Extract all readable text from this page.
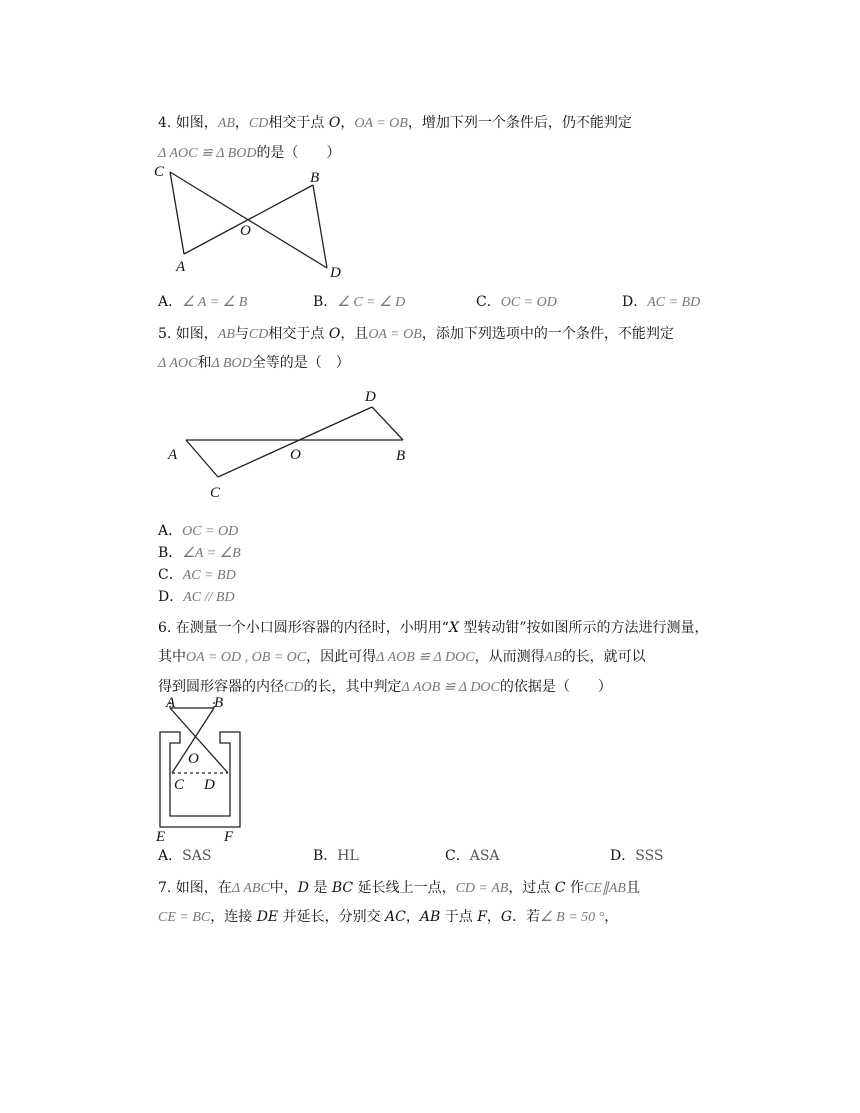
4. 如图，AB，CD相交于点 O，OA = OB，增加下列一个条件后，仍不能判定
Δ AOC ≌ Δ BOD的是（　　）
C	B
O
A	D
A．∠ A = ∠ B	B．∠ C = ∠ D	C．OC = OD	D．AC = BD
5. 如图，AB与CD相交于点 O，且OA = OB，添加下列选项中的一个条件，不能判定
Δ AOC和Δ BOD全等的是（　）
D
A	O	B
C
A．OC = OD
B．∠A = ∠B
C．AC = BD
D．AC // BD
6. 在测量一个小口圆形容器的内径时，小明用“X 型转动钳”按如图所示的方法进行测量，
其中OA = OD , OB = OC，因此可得Δ AOB ≌ Δ DOC，从而测得AB的长，就可以
得到圆形容器的内径CD的长，其中判定Δ AOB ≌ Δ DOC的依据是（　　）
A	B
O
C D
E	F
A．SAS	B．HL	C．ASA	D．SSS
7. 如图，在Δ ABC中，D 是 BC 延长线上一点，CD = AB，过点 C 作CE∥AB且
CE = BC，连接 DE 并延长，分别交 AC，AB 于点 F，G．若∠ B = 50 °，
